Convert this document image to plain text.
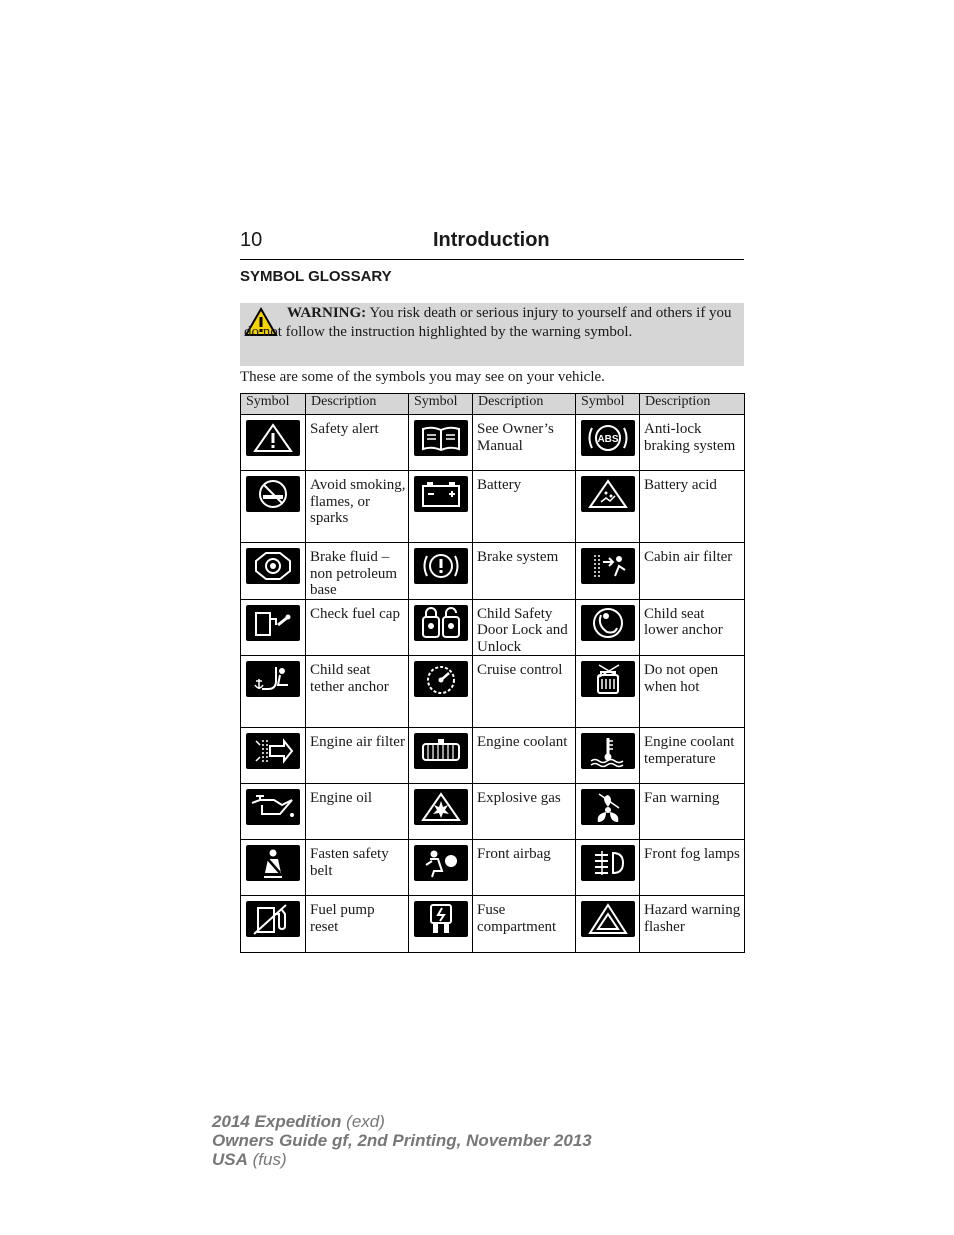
10	Introduction
SYMBOL GLOSSARY
WARNING: You risk death or serious injury to yourself and others if you do not follow the instruction highlighted by the warning symbol.
These are some of the symbols you may see on your vehicle.
Symbol	Description	Symbol	Description	Symbol	Description

	Safety alert		See Owner’s Manual	ABS	Anti-lock braking system

	Avoid smoking, flames, or sparks		Battery		Battery acid

	Brake fluid – non petroleum base		Brake system		Cabin air filter

	Check fuel cap		Child Safety Door Lock and Unlock		Child seat lower anchor

	Child seat tether anchor		Cruise control		Do not open when hot

	Engine air filter		Engine coolant		Engine coolant temperature

	Engine oil		Explosive gas		Fan warning

	Fasten safety belt		Front airbag		Front fog lamps

	Fuel pump reset		Fuse compartment		Hazard warning flasher
2014 Expedition (exd)
Owners Guide gf, 2nd Printing, November 2013
USA (fus)
